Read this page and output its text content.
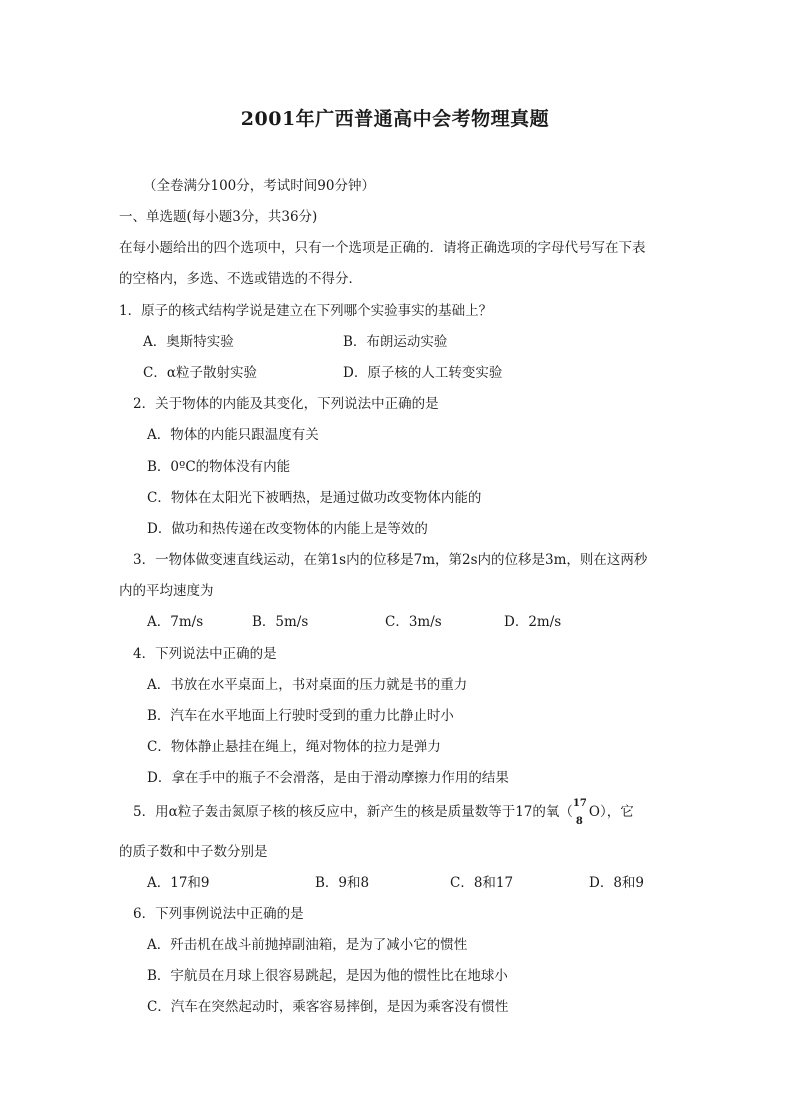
2001年广西普通高中会考物理真题
（全卷满分100分，考试时间90分钟）
一、单选题(每小题3分，共36分)
在每小题给出的四个选项中，只有一个选项是正确的．请将正确选项的字母代号写在下表
的空格内，多选、不选或错选的不得分．
1．原子的核式结构学说是建立在下列哪个实验事实的基础上？
A．奥斯特实验	B．布朗运动实验
C．α粒子散射实验	D．原子核的人工转变实验
2．关于物体的内能及其变化，下列说法中正确的是
A．物体的内能只跟温度有关
B．0ºC的物体没有内能
C．物体在太阳光下被晒热，是通过做功改变物体内能的
D．做功和热传递在改变物体的内能上是等效的
3．一物体做变速直线运动，在第1s内的位移是7m，第2s内的位移是3m，则在这两秒
内的平均速度为
A．7m/s	B．5m/s	C．3m/s	D．2m/s
4．下列说法中正确的是
A．书放在水平桌面上，书对桌面的压力就是书的重力
B．汽车在水平地面上行驶时受到的重力比静止时小
C．物体静止悬挂在绳上，绳对物体的拉力是弹力
D．拿在手中的瓶子不会滑落，是由于滑动摩擦力作用的结果
5．用α粒子轰击氮原子核的核反应中，新产生的核是质量数等于17的氧（
17
8
O），它
的质子数和中子数分别是
A．17和9	B．9和8	C．8和17	D．8和9
6．下列事例说法中正确的是
A．歼击机在战斗前抛掉副油箱，是为了减小它的惯性
B．宇航员在月球上很容易跳起，是因为他的惯性比在地球小
C．汽车在突然起动时，乘客容易摔倒，是因为乘客没有惯性
